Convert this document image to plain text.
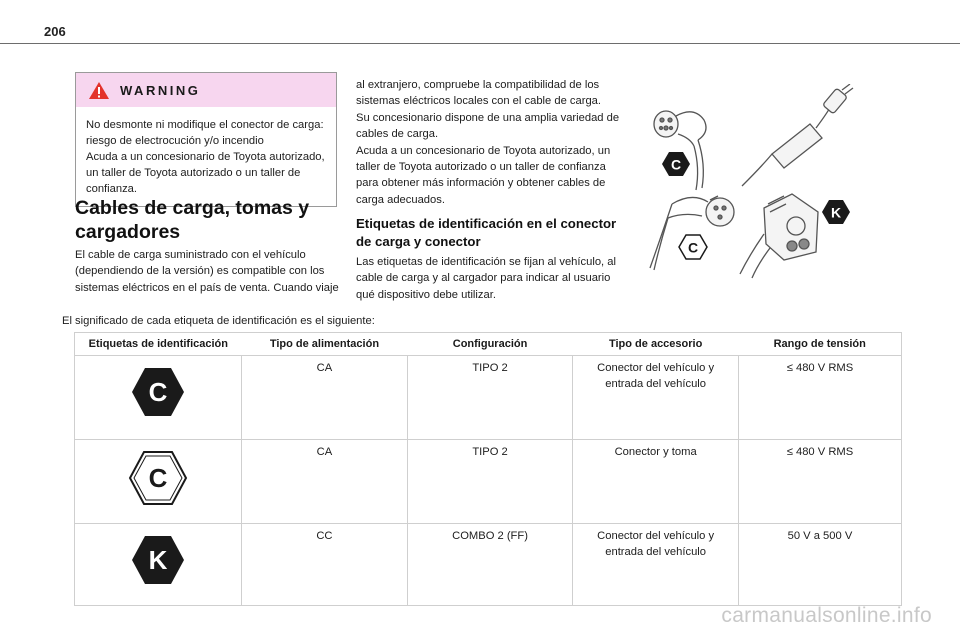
206
WARNING
No desmonte ni modifique el conector de carga: riesgo de electrocución y/o incendio
Acuda a un concesionario de Toyota autorizado, un taller de Toyota autorizado o un taller de confianza.
Cables de carga, tomas y cargadores
El cable de carga suministrado con el vehículo (dependiendo de la versión) es compatible con los sistemas eléctricos en el país de venta. Cuando viaje
al extranjero, compruebe la compatibilidad de los sistemas eléctricos locales con el cable de carga.
Su concesionario dispone de una amplia variedad de cables de carga.
Acuda a un concesionario de Toyota autorizado, un taller de Toyota autorizado o un taller de confianza para obtener más información y obtener cables de carga adecuados.
Etiquetas de identificación en el conector de carga y conector
Las etiquetas de identificación se fijan al vehículo, al cable de carga y al cargador para indicar al usuario qué dispositivo debe utilizar.
C
K
C
El significado de cada etiqueta de identificación es el siguiente:
Etiquetas de identificación	Tipo de alimentación	Configuración	Tipo de accesorio	Rango de tensión

C	CA	TIPO 2	Conector del vehículo y entrada del vehículo	≤ 480 V RMS

C	CA	TIPO 2	Conector y toma	≤ 480 V RMS

K	CC	COMBO 2 (FF)	Conector del vehículo y entrada del vehículo	50 V a 500 V
carmanualsonline.info
